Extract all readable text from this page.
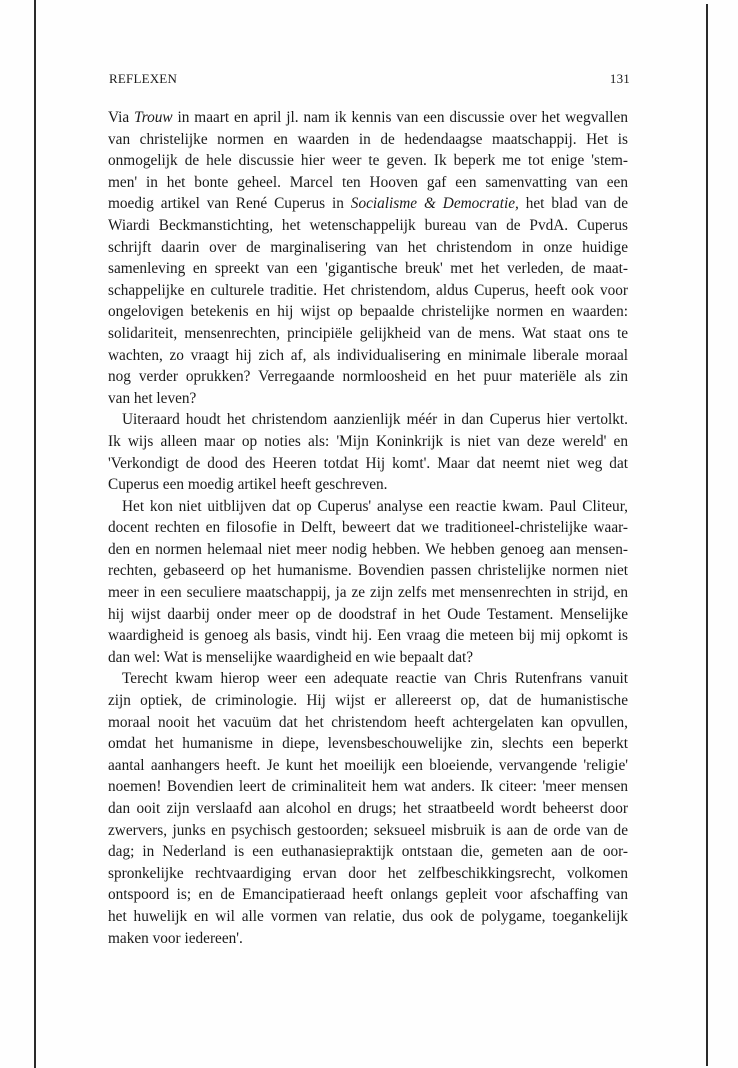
REFLEXEN	131
Via Trouw in maart en april jl. nam ik kennis van een discussie over het wegvallen
van christelijke normen en waarden in de hedendaagse maatschappij. Het is
onmogelijk de hele discussie hier weer te geven. Ik beperk me tot enige 'stem-
men' in het bonte geheel. Marcel ten Hooven gaf een samenvatting van een
moedig artikel van René Cuperus in Socialisme & Democratie, het blad van de
Wiardi Beckmanstichting, het wetenschappelijk bureau van de PvdA. Cuperus
schrijft daarin over de marginalisering van het christendom in onze huidige
samenleving en spreekt van een 'gigantische breuk' met het verleden, de maat-
schappelijke en culturele traditie. Het christendom, aldus Cuperus, heeft ook voor
ongelovigen betekenis en hij wijst op bepaalde christelijke normen en waarden:
solidariteit, mensenrechten, principiële gelijkheid van de mens. Wat staat ons te
wachten, zo vraagt hij zich af, als individualisering en minimale liberale moraal
nog verder oprukken? Verregaande normloosheid en het puur materiële als zin
van het leven?
Uiteraard houdt het christendom aanzienlijk méér in dan Cuperus hier vertolkt.
Ik wijs alleen maar op noties als: 'Mijn Koninkrijk is niet van deze wereld' en
'Verkondigt de dood des Heeren totdat Hij komt'. Maar dat neemt niet weg dat
Cuperus een moedig artikel heeft geschreven.
Het kon niet uitblijven dat op Cuperus' analyse een reactie kwam. Paul Cliteur,
docent rechten en filosofie in Delft, beweert dat we traditioneel-christelijke waar-
den en normen helemaal niet meer nodig hebben. We hebben genoeg aan mensen-
rechten, gebaseerd op het humanisme. Bovendien passen christelijke normen niet
meer in een seculiere maatschappij, ja ze zijn zelfs met mensenrechten in strijd, en
hij wijst daarbij onder meer op de doodstraf in het Oude Testament. Menselijke
waardigheid is genoeg als basis, vindt hij. Een vraag die meteen bij mij opkomt is
dan wel: Wat is menselijke waardigheid en wie bepaalt dat?
Terecht kwam hierop weer een adequate reactie van Chris Rutenfrans vanuit
zijn optiek, de criminologie. Hij wijst er allereerst op, dat de humanistische
moraal nooit het vacuüm dat het christendom heeft achtergelaten kan opvullen,
omdat het humanisme in diepe, levensbeschouwelijke zin, slechts een beperkt
aantal aanhangers heeft. Je kunt het moeilijk een bloeiende, vervangende 'religie'
noemen! Bovendien leert de criminaliteit hem wat anders. Ik citeer: 'meer mensen
dan ooit zijn verslaafd aan alcohol en drugs; het straatbeeld wordt beheerst door
zwervers, junks en psychisch gestoorden; seksueel misbruik is aan de orde van de
dag; in Nederland is een euthanasiepraktijk ontstaan die, gemeten aan de oor-
spronkelijke rechtvaardiging ervan door het zelfbeschikkingsrecht, volkomen
ontspoord is; en de Emancipatieraad heeft onlangs gepleit voor afschaffing van
het huwelijk en wil alle vormen van relatie, dus ook de polygame, toegankelijk
maken voor iedereen'.
